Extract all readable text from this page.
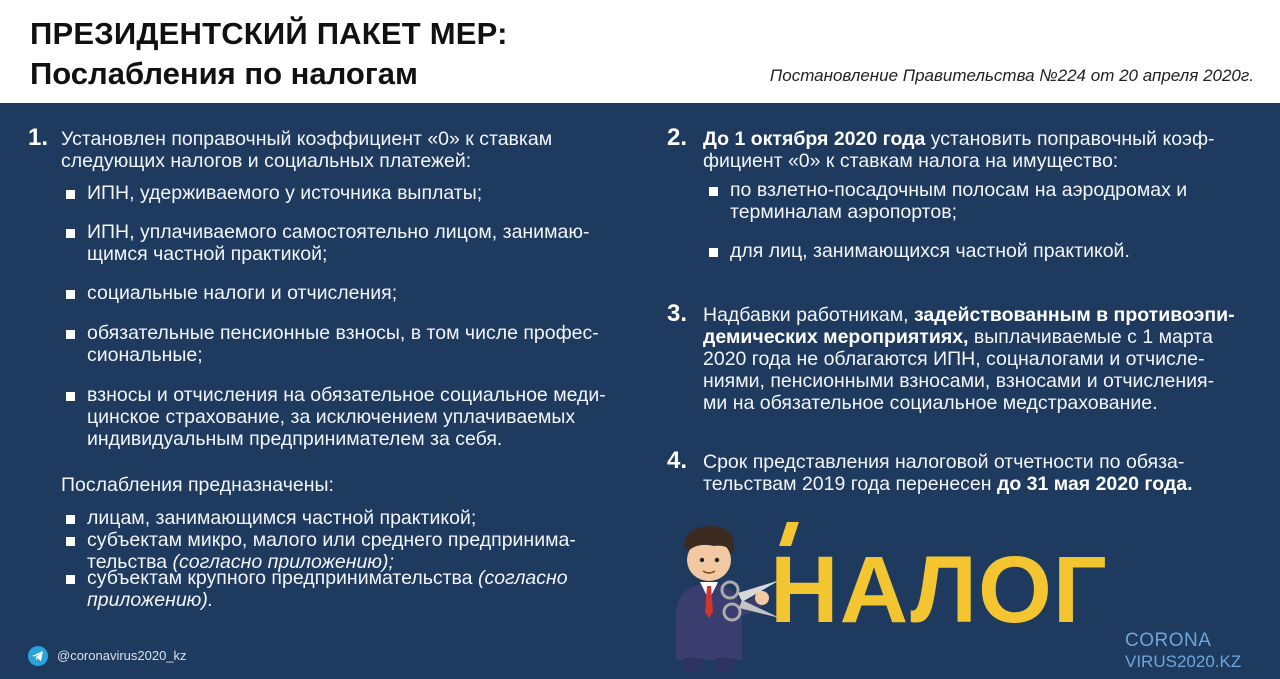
ПРЕЗИДЕНТСКИЙ ПАКЕТ МЕР:
Послабления по налогам	Постановление Правительства №224 от 20 апреля 2020г.
1. Установлен поправочный коэффициент «0» к ставкам
следующих налогов и социальных платежей:
ИПН, удерживаемого у источника выплаты;
ИПН, уплачиваемого самостоятельно лицом, занимаю-
щимся частной практикой;
социальные налоги и отчисления;
обязательные пенсионные взносы, в том числе профес-
сиональные;
взносы и отчисления на обязательное социальное меди-
цинское страхование, за исключением уплачиваемых
индивидуальным предпринимателем за себя.
Послабления предназначены:
лицам, занимающимся частной практикой;
субъектам микро, малого или среднего предпринима-
тельства (согласно приложению);
субъектам крупного предпринимательства (согласно
приложению).
2. До 1 октября 2020 года установить поправочный коэф-
фициент «0» к ставкам налога на имущество:
по взлетно-посадочным полосам на аэродромах и
терминалам аэропортов;
для лиц, занимающихся частной практикой.
3. Надбавки работникам, задействованным в противоэпи-
демических мероприятиях, выплачиваемые с 1 марта
2020 года не облагаются ИПН, соцналогами и отчисле-
ниями, пенсионными взносами, взносами и отчисления-
ми на обязательное социальное медстрахование.
4. Срок представления налоговой отчетности по обяза-
тельствам 2019 года перенесен до 31 мая 2020 года.
НАЛОГ
@coronavirus2020_kz
CORONA
VIRUS2020.KZ
